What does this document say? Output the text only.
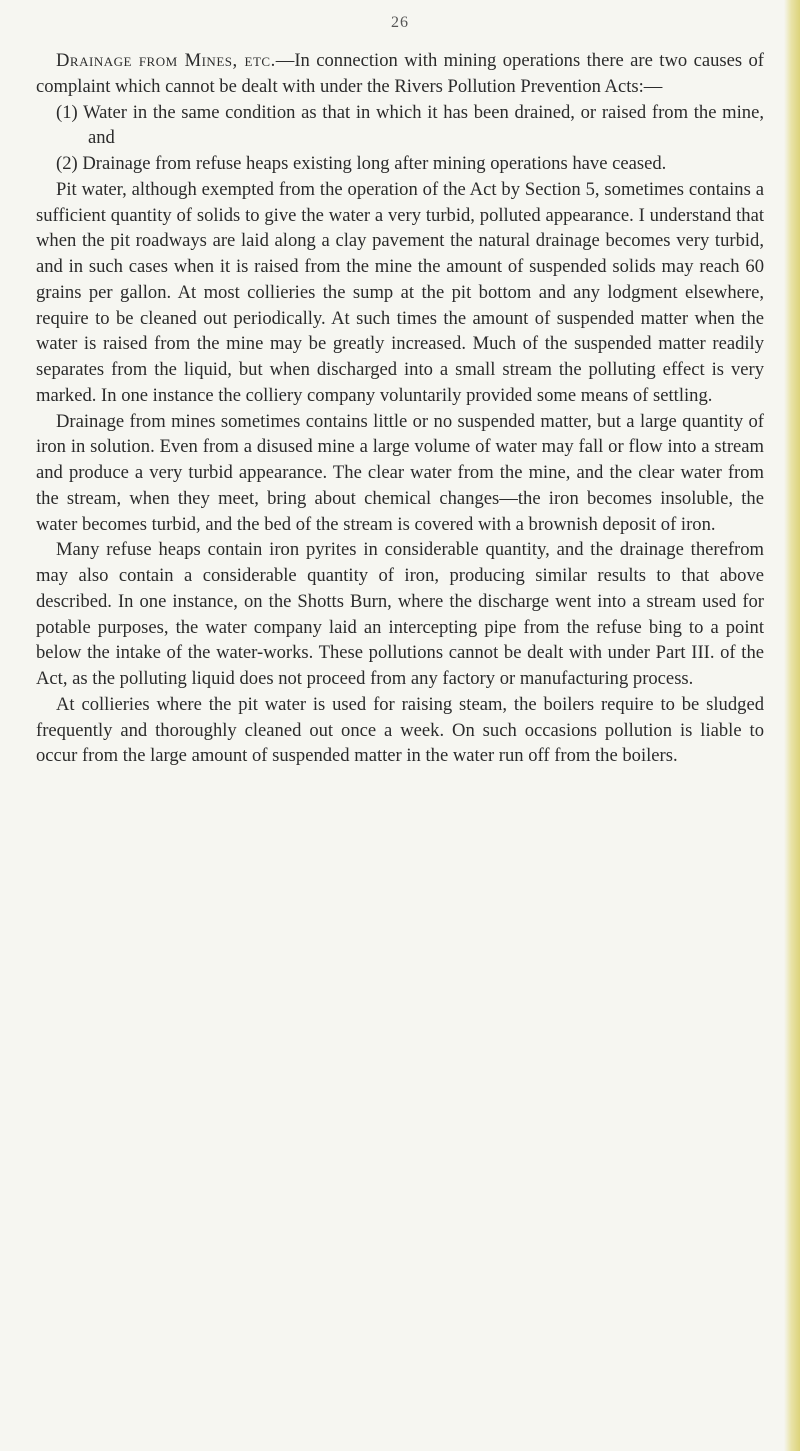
26

Drainage from Mines, etc.—In connection with mining operations there are two causes of complaint which cannot be dealt with under the Rivers Pollution Prevention Acts:—

(1) Water in the same condition as that in which it has been drained, or raised from the mine, and

(2) Drainage from refuse heaps existing long after mining operations have ceased.

Pit water, although exempted from the operation of the Act by Section 5, sometimes contains a sufficient quantity of solids to give the water a very turbid, polluted appearance. I understand that when the pit roadways are laid along a clay pavement the natural drainage becomes very turbid, and in such cases when it is raised from the mine the amount of suspended solids may reach 60 grains per gallon. At most collieries the sump at the pit bottom and any lodgment elsewhere, require to be cleaned out periodically. At such times the amount of suspended matter when the water is raised from the mine may be greatly increased. Much of the suspended matter readily separates from the liquid, but when discharged into a small stream the polluting effect is very marked. In one instance the colliery company voluntarily provided some means of settling.

Drainage from mines sometimes contains little or no suspended matter, but a large quantity of iron in solution. Even from a disused mine a large volume of water may fall or flow into a stream and produce a very turbid appearance. The clear water from the mine, and the clear water from the stream, when they meet, bring about chemical changes—the iron becomes insoluble, the water becomes turbid, and the bed of the stream is covered with a brownish deposit of iron.

Many refuse heaps contain iron pyrites in considerable quantity, and the drainage therefrom may also contain a considerable quantity of iron, producing similar results to that above described. In one instance, on the Shotts Burn, where the discharge went into a stream used for potable purposes, the water company laid an intercepting pipe from the refuse bing to a point below the intake of the water-works. These pollutions cannot be dealt with under Part III. of the Act, as the polluting liquid does not proceed from any factory or manufacturing process.

At collieries where the pit water is used for raising steam, the boilers require to be sludged frequently and thoroughly cleaned out once a week. On such occasions pollution is liable to occur from the large amount of suspended matter in the water run off from the boilers.
